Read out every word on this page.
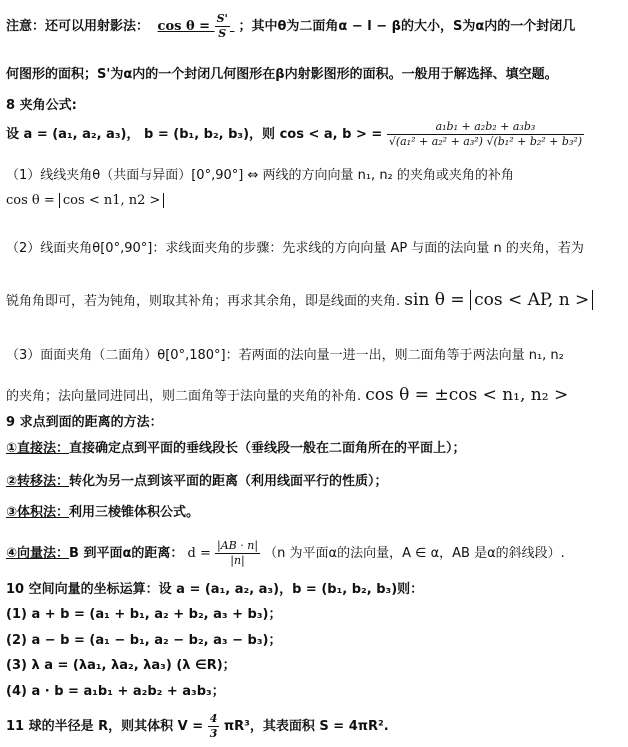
注意：还可以用射影法： $\cos \theta = \frac{S'}{S}$ ；其中θ为二面角α − l − β的大小，S为α内的一个封闭几
何图形的面积；S'为α内的一个封闭几何图形在β内射影图形的面积。一般用于解选择、填空题。
8 夹角公式:
设 a = (a₁, a₂, a₃)， b = (b₁, b₂, b₃)，则 cos < a, b > = $\frac{\text{a₁b₁ + a₂b₂ + a₃b₃}}{\text{√(a₁² + a₂² + a₃²) √(b₁² + b₂² + b₃²)}}$
（1）线线夹角θ（共面与异面）[0°,90°] ⇔ 两线的方向向量 n₁, n₂ 的夹角或夹角的补角
cos θ = cos < n1, n2 >
（2）线面夹角θ[0°,90°]：求线面夹角的步骤：先求线的方向向量 AP 与面的法向量 n 的夹角，若为
锐角角即可，若为钝角，则取其补角；再求其余角，即是线面的夹角. sin θ = cos < AP, n >
（3）面面夹角（二面角）θ[0°,180°]：若两面的法向量一进一出，则二面角等于两法向量 n₁, n₂
的夹角；法向量同进同出，则二面角等于法向量的夹角的补角. cos θ = ±cos < n₁, n₂ >
9 求点到面的距离的方法：
①直接法：直接确定点到平面的垂线段长（垂线段一般在二面角所在的平面上）；
②转移法：转化为另一点到该平面的距离（利用线面平行的性质）；
③体积法：利用三棱锥体积公式。
④向量法：B 到平面α的距离： $d = \frac{|AB \cdot n|}{|n|} (n$ 为平面α的法向量，A ∈ α，AB 是α的斜线段）.
10 空间向量的坐标运算：设 a = (a₁, a₂, a₃)，b = (b₁, b₂, b₃)则：
(1) a + b = (a₁ + b₁, a₂ + b₂, a₃ + b₃)；
(2) a − b = (a₁ − b₁, a₂ − b₂, a₃ − b₃)；
(3) λ a = (λa₁, λa₂, λa₃) (λ ∈R)；
(4) a · b = a₁b₁ + a₂b₂ + a₃b₃；
11 球的半径是 R，则其体积 $V = \frac{4}{3} \pi R^3$，其表面积 S = 4πR².
